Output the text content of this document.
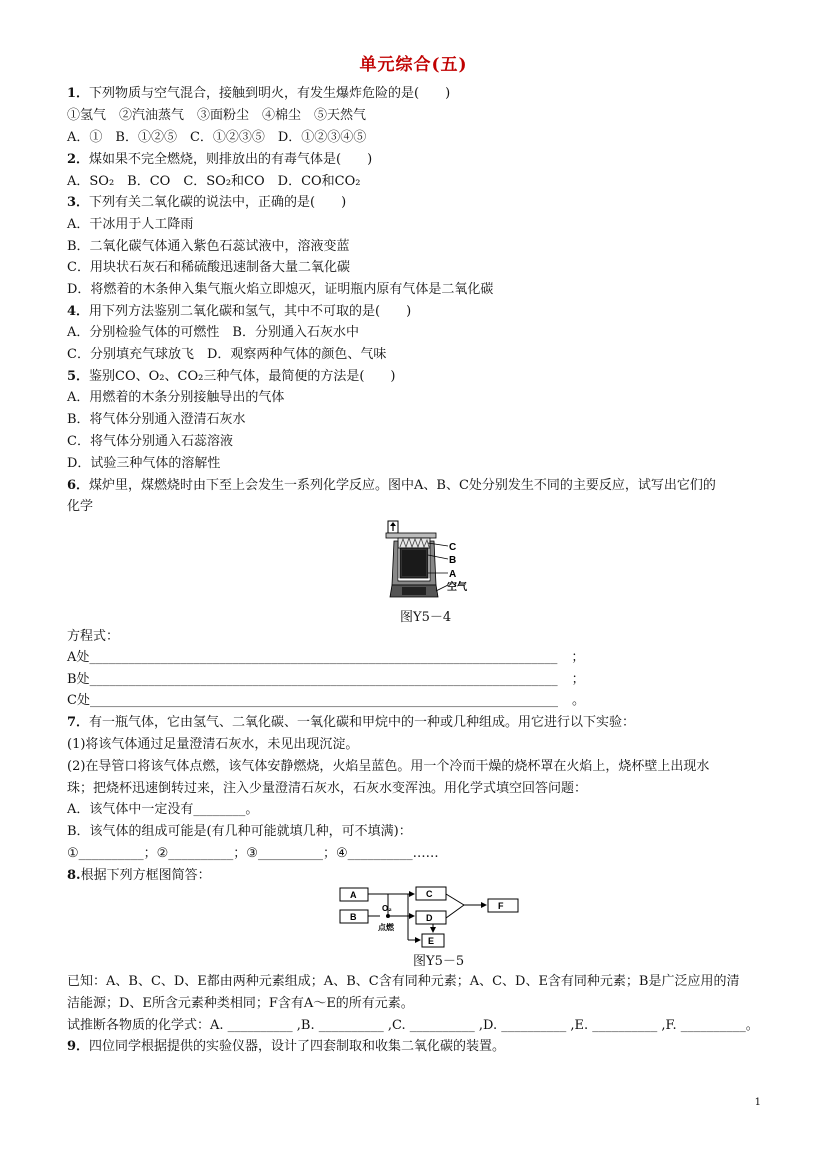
单元综合(五)
1．下列物质与空气混合，接触到明火，有发生爆炸危险的是(　　)
①氢气　②汽油蒸气　③面粉尘　④棉尘　⑤天然气
A．①　B．①②⑤　C．①②③⑤　D．①②③④⑤
2．煤如果不完全燃烧，则排放出的有毒气体是(　　)
A．SO₂　B．CO　C．SO₂和CO　D．CO和CO₂
3．下列有关二氧化碳的说法中，正确的是(　　)
A．干冰用于人工降雨
B．二氧化碳气体通入紫色石蕊试液中，溶液变蓝
C．用块状石灰石和稀硫酸迅速制备大量二氧化碳
D．将燃着的木条伸入集气瓶火焰立即熄灭，证明瓶内原有气体是二氧化碳
4．用下列方法鉴别二氧化碳和氢气，其中不可取的是(　　)
A．分别检验气体的可燃性　B．分别通入石灰水中
C．分别填充气球放飞　D．观察两种气体的颜色、气味
5．鉴别CO、O₂、CO₂三种气体，最简便的方法是(　　)
A．用燃着的木条分别接触导出的气体
B．将气体分别通入澄清石灰水
C．将气体分别通入石蕊溶液
D．试验三种气体的溶解性
6．煤炉里，煤燃烧时由下至上会发生一系列化学反应。图中A、B、C处分别发生不同的主要反应，试写出它们的
化学
C
B
A
空气
图Y5－4
方程式：
A处________________________________________________________________________ ；
B处________________________________________________________________________ ；
C处________________________________________________________________________ 。
7．有一瓶气体，它由氢气、二氧化碳、一氧化碳和甲烷中的一种或几种组成。用它进行以下实验：
(1)将该气体通过足量澄清石灰水，未见出现沉淀。
(2)在导管口将该气体点燃，该气体安静燃烧，火焰呈蓝色。用一个冷而干燥的烧杯罩在火焰上，烧杯壁上出现水
珠；把烧杯迅速倒转过来，注入少量澄清石灰水，石灰水变浑浊。用化学式填空回答问题：
A．该气体中一定没有________。
B．该气体的组成可能是(有几种可能就填几种，可不填满)：
①__________；②__________；③__________；④__________……
8.根据下列方框图简答：
A
B
C
D
E
F
O₂
点燃
图Y5－5
已知：A、B、C、D、E都由两种元素组成；A、B、C含有同种元素；A、C、D、E含有同种元素；B是广泛应用的清
洁能源；D、E所含元素种类相同；F含有A～E的所有元素。
试推断各物质的化学式：A. __________ ,B. __________ ,C. __________ ,D. __________ ,E. __________ ,F. __________。
9．四位同学根据提供的实验仪器，设计了四套制取和收集二氧化碳的装置。
1
